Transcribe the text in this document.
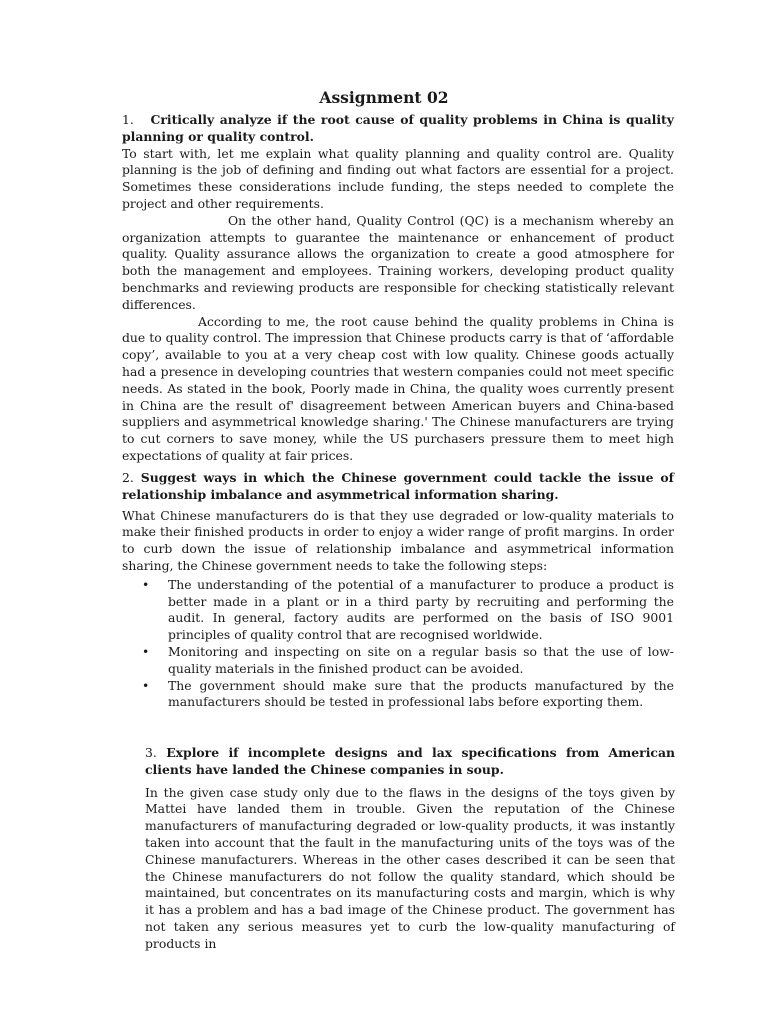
Assignment 02

1. Critically analyze if the root cause of quality problems in China is quality planning or quality control.

To start with, let me explain what quality planning and quality control are. Quality planning is the job of defining and finding out what factors are essential for a project. Sometimes these considerations include funding, the steps needed to complete the project and other requirements.

On the other hand, Quality Control (QC) is a mechanism whereby an organization attempts to guarantee the maintenance or enhancement of product quality. Quality assurance allows the organization to create a good atmosphere for both the management and employees. Training workers, developing product quality benchmarks and reviewing products are responsible for checking statistically relevant differences.

According to me, the root cause behind the quality problems in China is due to quality control. The impression that Chinese products carry is that of ‘affordable copy’, available to you at a very cheap cost with low quality. Chinese goods actually had a presence in developing countries that western companies could not meet specific needs. As stated in the book, Poorly made in China, the quality woes currently present in China are the result of' disagreement between American buyers and China-based suppliers and asymmetrical knowledge sharing.' The Chinese manufacturers are trying to cut corners to save money, while the US purchasers pressure them to meet high expectations of quality at fair prices.

2. Suggest ways in which the Chinese government could tackle the issue of relationship imbalance and asymmetrical information sharing.

What Chinese manufacturers do is that they use degraded or low-quality materials to make their finished products in order to enjoy a wider range of profit margins. In order to curb down the issue of relationship imbalance and asymmetrical information sharing, the Chinese government needs to take the following steps:

• The understanding of the potential of a manufacturer to produce a product is better made in a plant or in a third party by recruiting and performing the audit. In general, factory audits are performed on the basis of ISO 9001 principles of quality control that are recognised worldwide.
• Monitoring and inspecting on site on a regular basis so that the use of low-quality materials in the finished product can be avoided.
• The government should make sure that the products manufactured by the manufacturers should be tested in professional labs before exporting them.

3. Explore if incomplete designs and lax specifications from American clients have landed the Chinese companies in soup.

In the given case study only due to the flaws in the designs of the toys given by Mattei have landed them in trouble. Given the reputation of the Chinese manufacturers of manufacturing degraded or low-quality products, it was instantly taken into account that the fault in the manufacturing units of the toys was of the Chinese manufacturers. Whereas in the other cases described it can be seen that the Chinese manufacturers do not follow the quality standard, which should be maintained, but concentrates on its manufacturing costs and margin, which is why it has a problem and has a bad image of the Chinese product. The government has not taken any serious measures yet to curb the low-quality manufacturing of products in
